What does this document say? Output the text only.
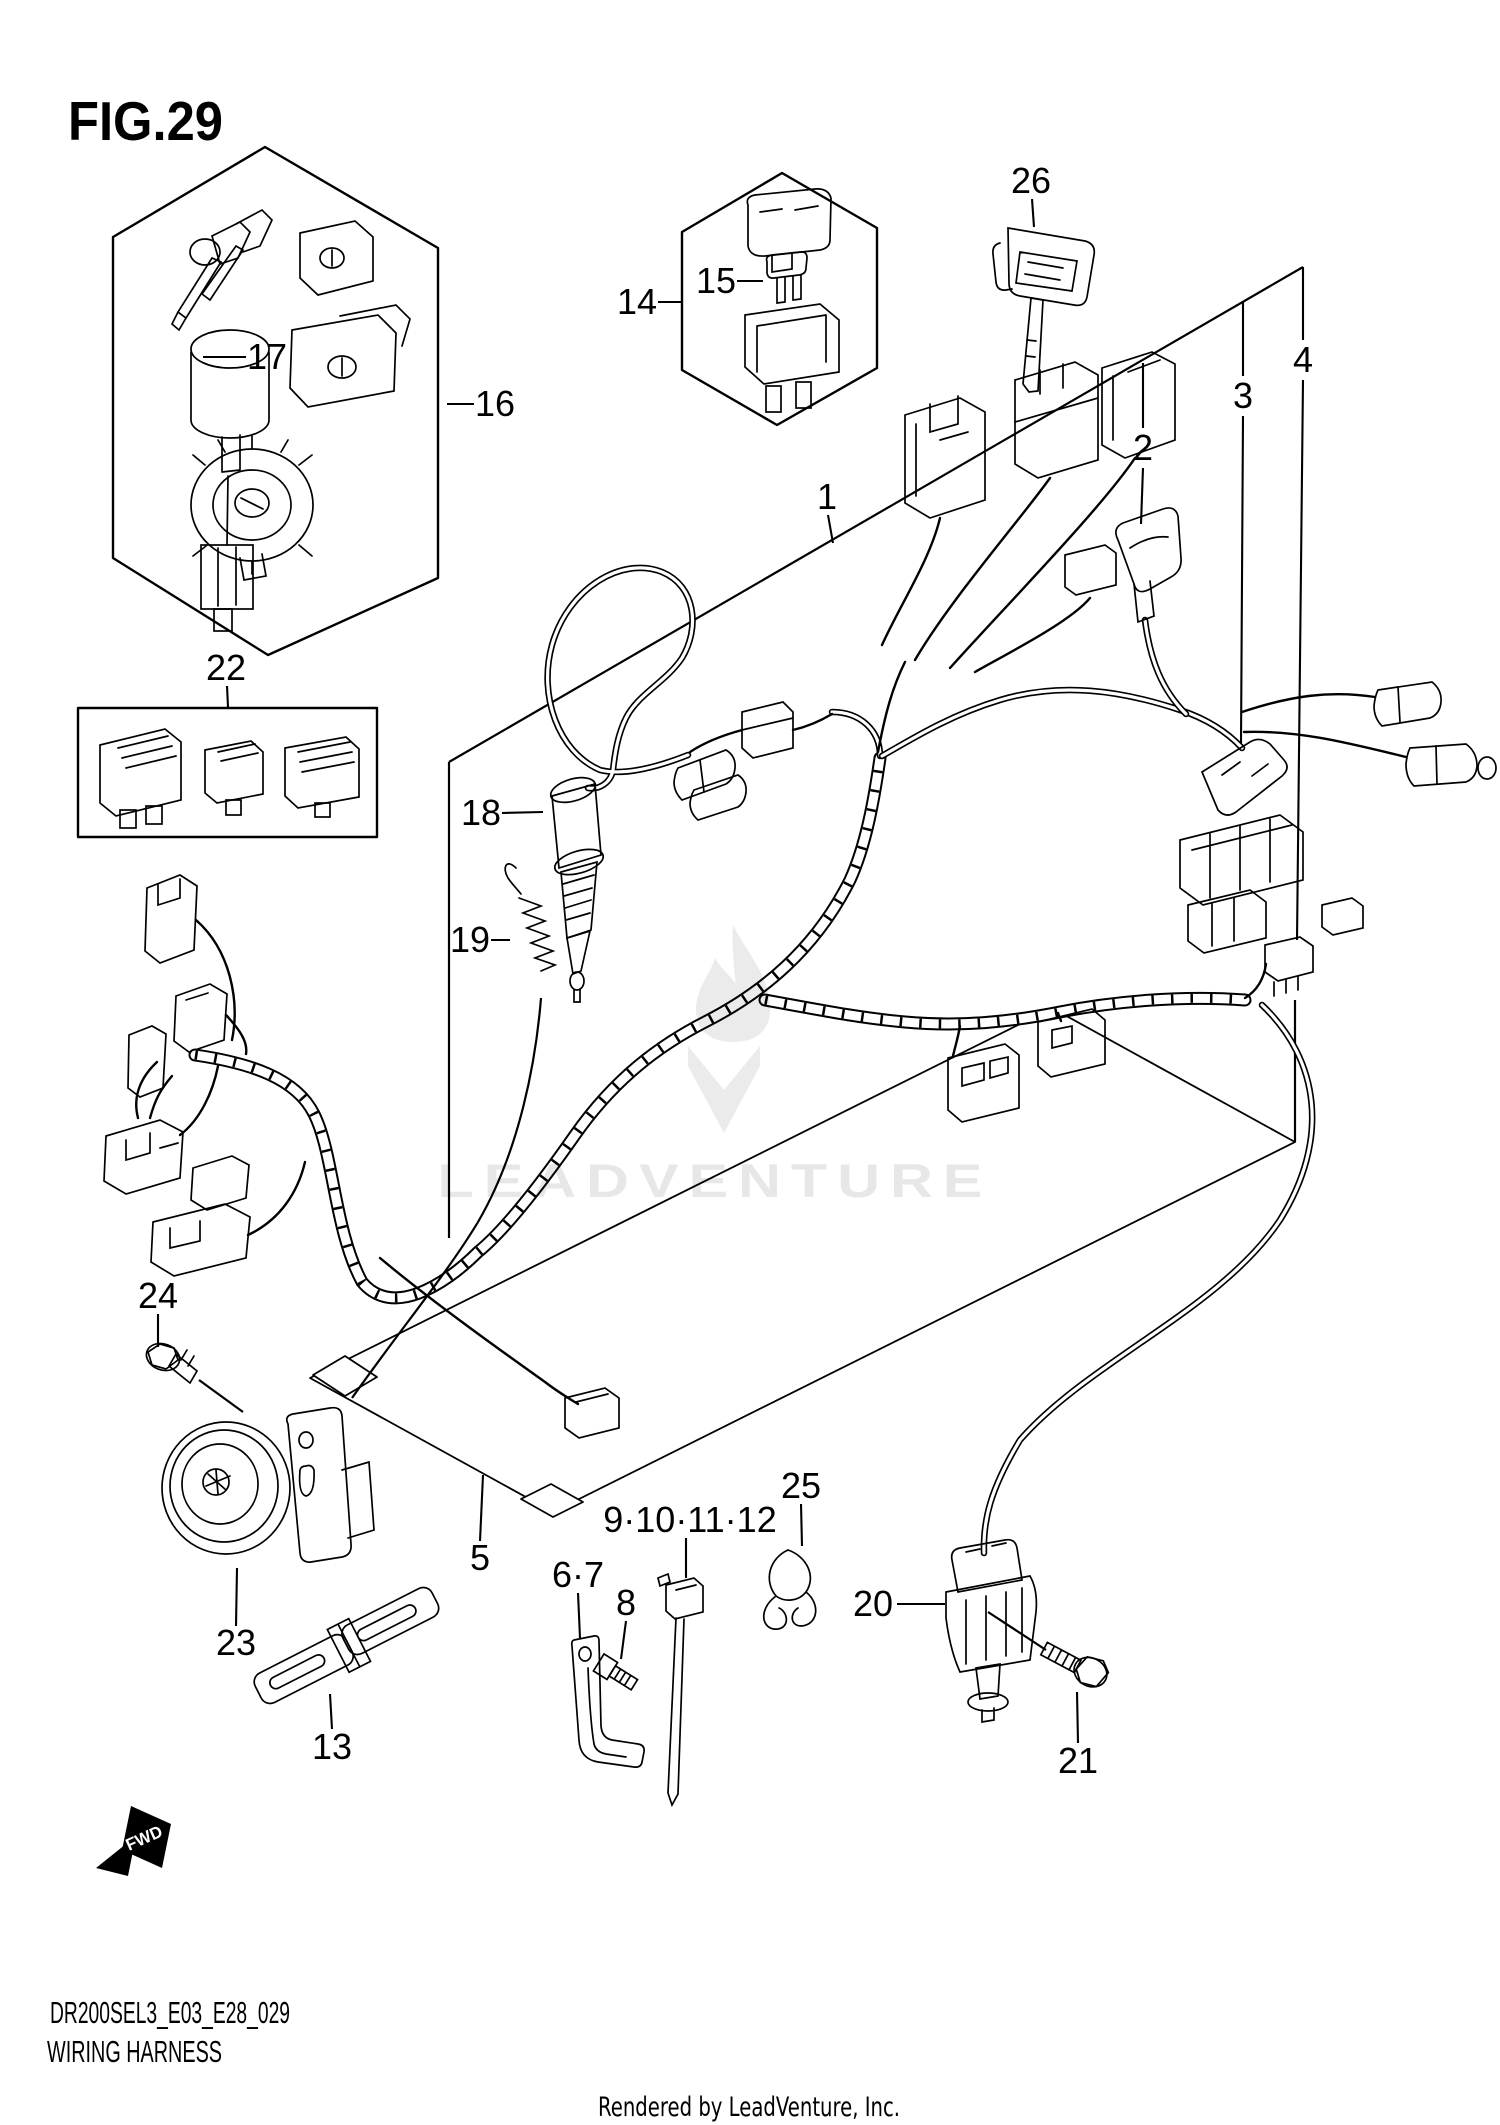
FIG.29
FWD
1
2
3
4
5 6·7
8
9·10·11·12
13
14
15
16
17
18
19
20
21
22
23
24
25
26
DR200SEL3_E03_E28_029
WIRING HARNESS
Rendered by LeadVenture, Inc.
LEADVENTURE
